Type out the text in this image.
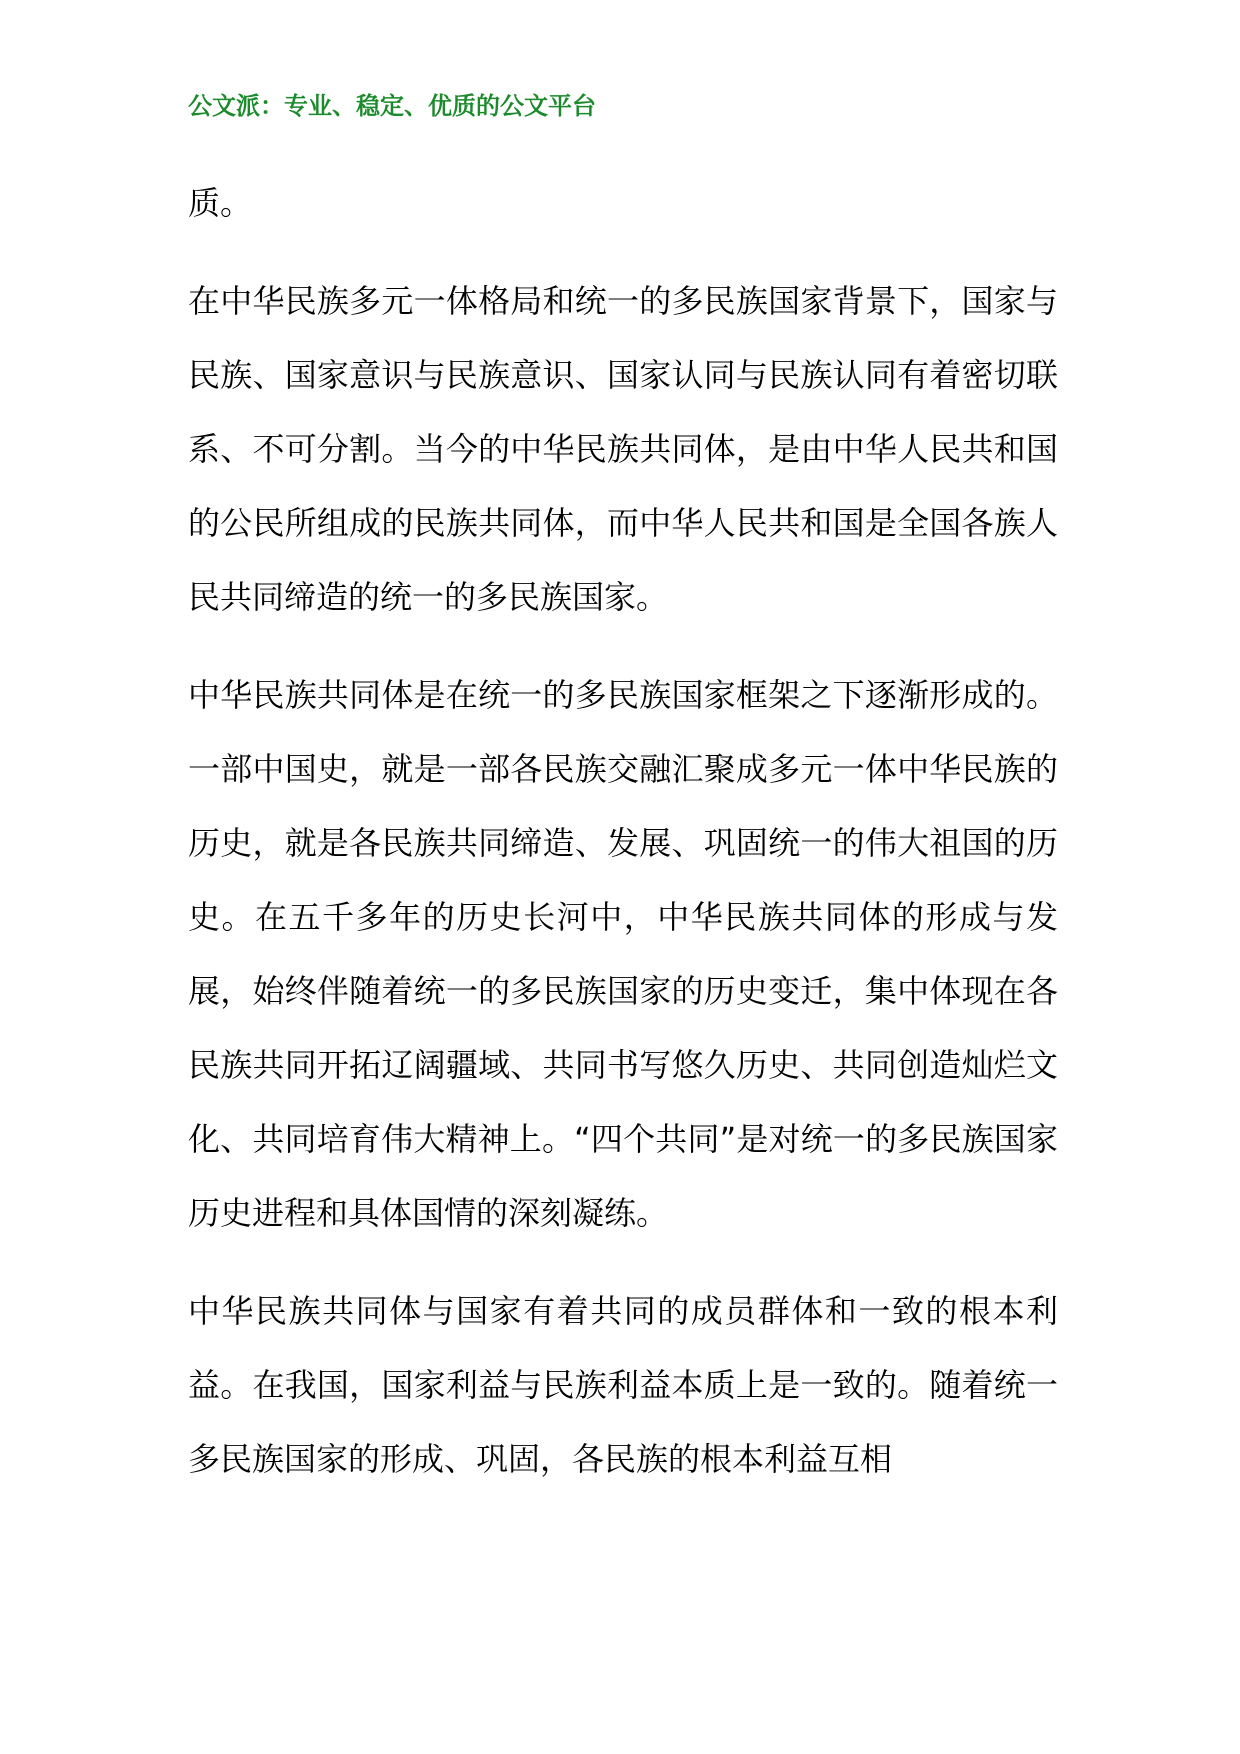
公文派：专业、稳定、优质的公文平台

质。

在中华民族多元一体格局和统一的多民族国家背景下，国家与民族、国家意识与民族意识、国家认同与民族认同有着密切联系、不可分割。当今的中华民族共同体，是由中华人民共和国的公民所组成的民族共同体，而中华人民共和国是全国各族人民共同缔造的统一的多民族国家。

中华民族共同体是在统一的多民族国家框架之下逐渐形成的。一部中国史，就是一部各民族交融汇聚成多元一体中华民族的历史，就是各民族共同缔造、发展、巩固统一的伟大祖国的历史。在五千多年的历史长河中，中华民族共同体的形成与发展，始终伴随着统一的多民族国家的历史变迁，集中体现在各民族共同开拓辽阔疆域、共同书写悠久历史、共同创造灿烂文化、共同培育伟大精神上。“四个共同”是对统一的多民族国家历史进程和具体国情的深刻凝练。

中华民族共同体与国家有着共同的成员群体和一致的根本利益。在我国，国家利益与民族利益本质上是一致的。随着统一多民族国家的形成、巩固，各民族的根本利益互相
